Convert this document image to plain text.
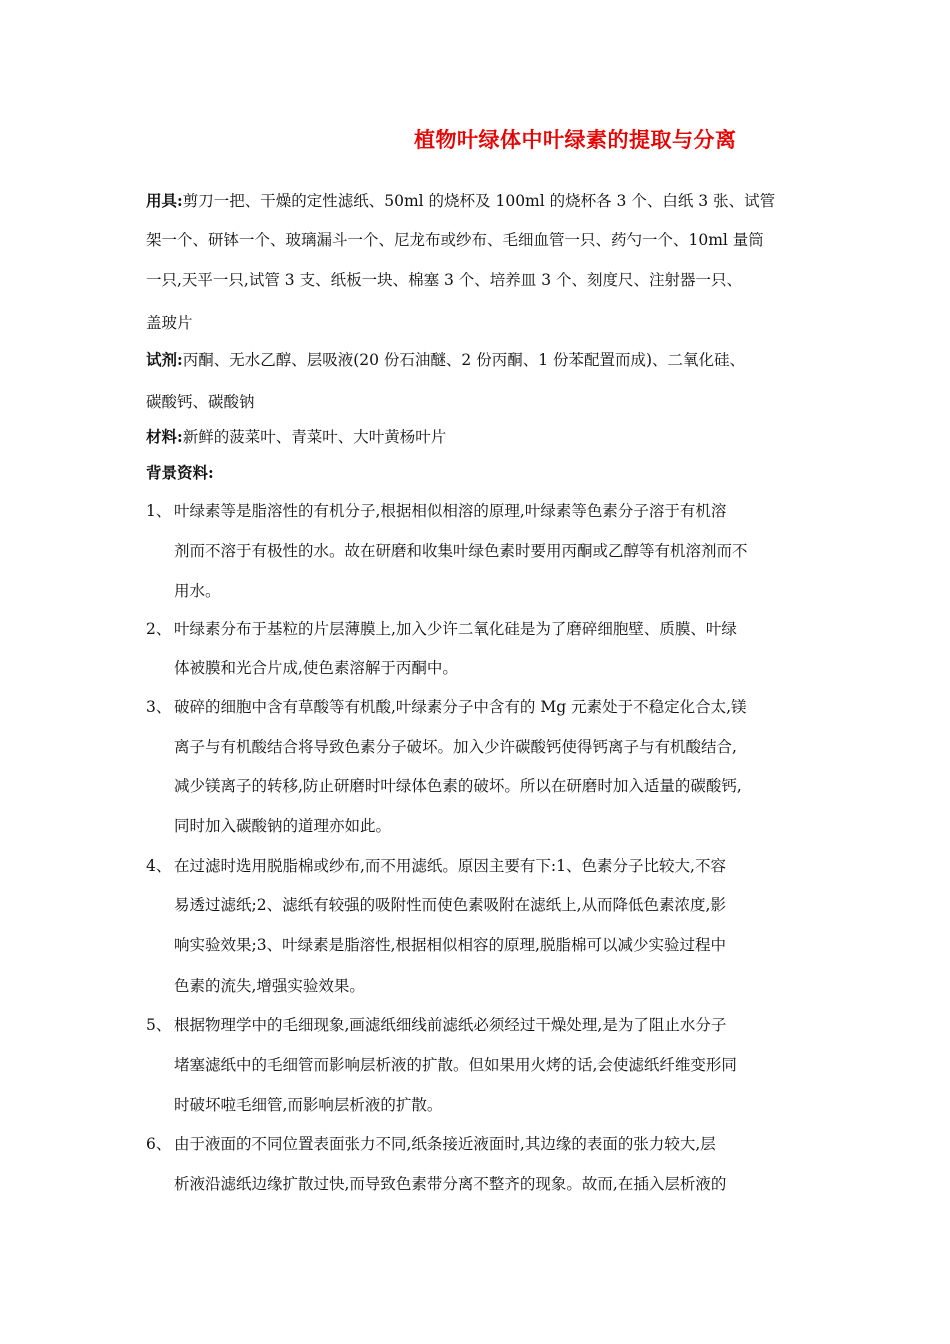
植物叶绿体中叶绿素的提取与分离
用具:剪刀一把、干燥的定性滤纸、50ml 的烧杯及 100ml 的烧杯各 3 个、白纸 3 张、试管
架一个、研钵一个、玻璃漏斗一个、尼龙布或纱布、毛细血管一只、药勺一个、10ml 量筒
一只,天平一只,试管 3 支、纸板一块、棉塞 3 个、培养皿 3 个、刻度尺、注射器一只、
盖玻片
试剂:丙酮、无水乙醇、层吸液(20 份石油醚、2 份丙酮、1 份苯配置而成)、二氧化硅、
碳酸钙、碳酸钠
材料:新鲜的菠菜叶、青菜叶、大叶黄杨叶片
背景资料:
1、 叶绿素等是脂溶性的有机分子,根据相似相溶的原理,叶绿素等色素分子溶于有机溶
剂而不溶于有极性的水。故在研磨和收集叶绿色素时要用丙酮或乙醇等有机溶剂而不
用水。
2、 叶绿素分布于基粒的片层薄膜上,加入少许二氧化硅是为了磨碎细胞壁、质膜、叶绿
体被膜和光合片成,使色素溶解于丙酮中。
3、 破碎的细胞中含有草酸等有机酸,叶绿素分子中含有的 Mg 元素处于不稳定化合太,镁
离子与有机酸结合将导致色素分子破坏。加入少许碳酸钙使得钙离子与有机酸结合,
减少镁离子的转移,防止研磨时叶绿体色素的破坏。所以在研磨时加入适量的碳酸钙,
同时加入碳酸钠的道理亦如此。
4、 在过滤时选用脱脂棉或纱布,而不用滤纸。原因主要有下:1、色素分子比较大,不容
易透过滤纸;2、滤纸有较强的吸附性而使色素吸附在滤纸上,从而降低色素浓度,影
响实验效果;3、叶绿素是脂溶性,根据相似相容的原理,脱脂棉可以减少实验过程中
色素的流失,增强实验效果。
5、 根据物理学中的毛细现象,画滤纸细线前滤纸必须经过干燥处理,是为了阻止水分子
堵塞滤纸中的毛细管而影响层析液的扩散。但如果用火烤的话,会使滤纸纤维变形同
时破坏啦毛细管,而影响层析液的扩散。
6、 由于液面的不同位置表面张力不同,纸条接近液面时,其边缘的表面的张力较大,层
析液沿滤纸边缘扩散过快,而导致色素带分离不整齐的现象。故而,在插入层析液的
